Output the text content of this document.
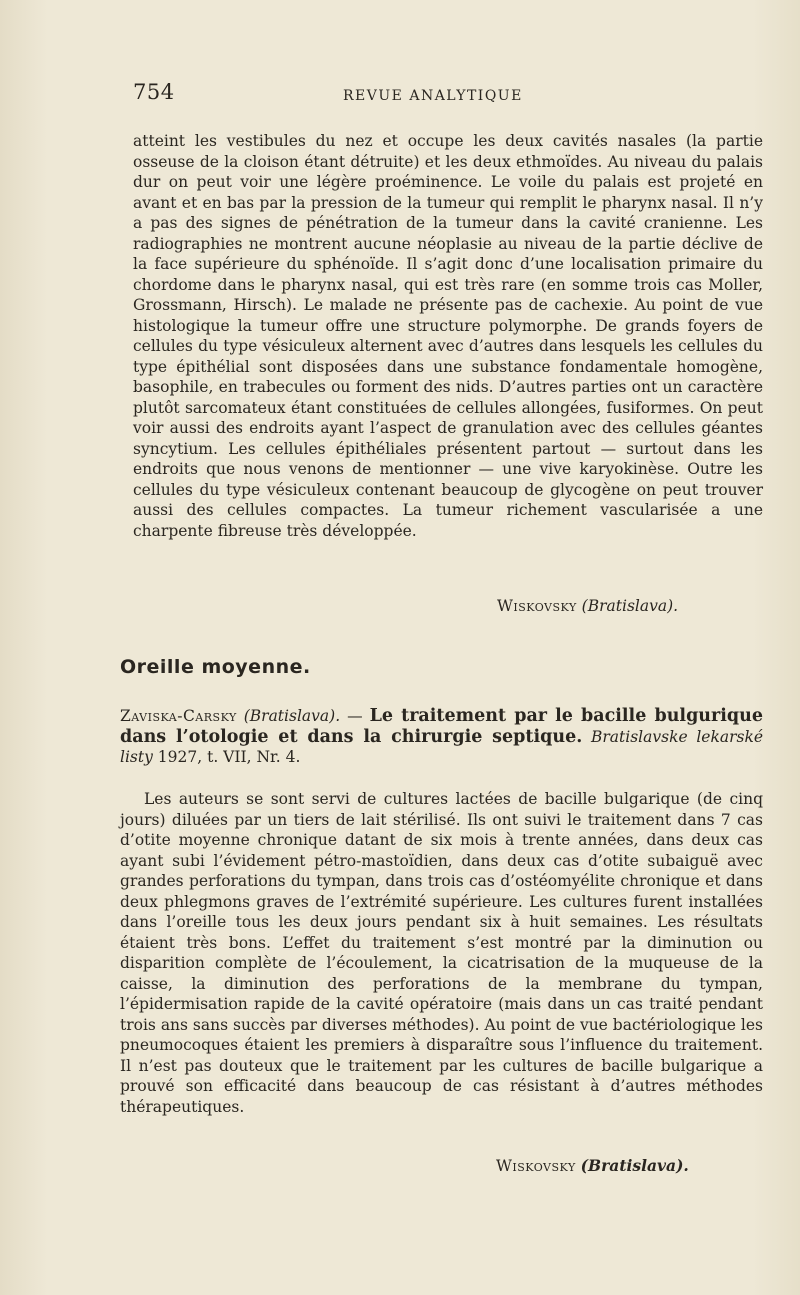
754	REVUE ANALYTIQUE

atteint les vestibules du nez et occupe les deux cavités nasales (la partie osseuse de la cloison étant détruite) et les deux ethmoïdes. Au niveau du palais dur on peut voir une légère proéminence. Le voile du palais est projeté en avant et en bas par la pression de la tumeur qui remplit le pharynx nasal. Il n’y a pas des signes de pénétration de la tumeur dans la cavité cranienne. Les radiographies ne montrent aucune néoplasie au niveau de la partie déclive de la face supérieure du sphénoïde. Il s’agit donc d’une localisation primaire du chordome dans le pharynx nasal, qui est très rare (en somme trois cas Moller, Grossmann, Hirsch). Le malade ne présente pas de cachexie. Au point de vue histologique la tumeur offre une structure polymorphe. De grands foyers de cellules du type vésiculeux alternent avec d’autres dans lesquels les cellules du type épithélial sont disposées dans une substance fondamentale homogène, basophile, en trabecules ou forment des nids. D’autres parties ont un caractère plutôt sarcomateux étant constituées de cellules allongées, fusiformes. On peut voir aussi des endroits ayant l’aspect de granulation avec des cellules géantes syncytium. Les cellules épithéliales présentent partout — surtout dans les endroits que nous venons de mentionner — une vive karyokinèse. Outre les cellules du type vésiculeux contenant beaucoup de glycogène on peut trouver aussi des cellules compactes. La tumeur richement vascularisée a une charpente fibreuse très développée.

Wiskovsky (Bratislava).
Oreille moyenne.

Zaviska-Carsky (Bratislava). — Le traitement par le bacille bulgurique dans l’otologie et dans la chirurgie septique. Bratislavske lekarské listy 1927, t. VII, Nr. 4.

Les auteurs se sont servi de cultures lactées de bacille bulgarique (de cinq jours) diluées par un tiers de lait stérilisé. Ils ont suivi le traitement dans 7 cas d’otite moyenne chronique datant de six mois à trente années, dans deux cas ayant subi l’évidement pétro-mastoïdien, dans deux cas d’otite subaiguë avec grandes perforations du tympan, dans trois cas d’ostéomyélite chronique et dans deux phlegmons graves de l’extrémité supérieure. Les cultures furent installées dans l’oreille tous les deux jours pendant six à huit semaines. Les résultats étaient très bons. L’effet du traitement s’est montré par la diminution ou disparition complète de l’écoulement, la cicatrisation de la muqueuse de la caisse, la diminution des perforations de la membrane du tympan, l’épidermisation rapide de la cavité opératoire (mais dans un cas traité pendant trois ans sans succès par diverses méthodes). Au point de vue bactériologique les pneumocoques étaient les premiers à disparaître sous l’influence du traitement. Il n’est pas douteux que le traitement par les cultures de bacille bulgarique a prouvé son efficacité dans beaucoup de cas résistant à d’autres méthodes thérapeutiques.

Wiskovsky (Bratislava).
